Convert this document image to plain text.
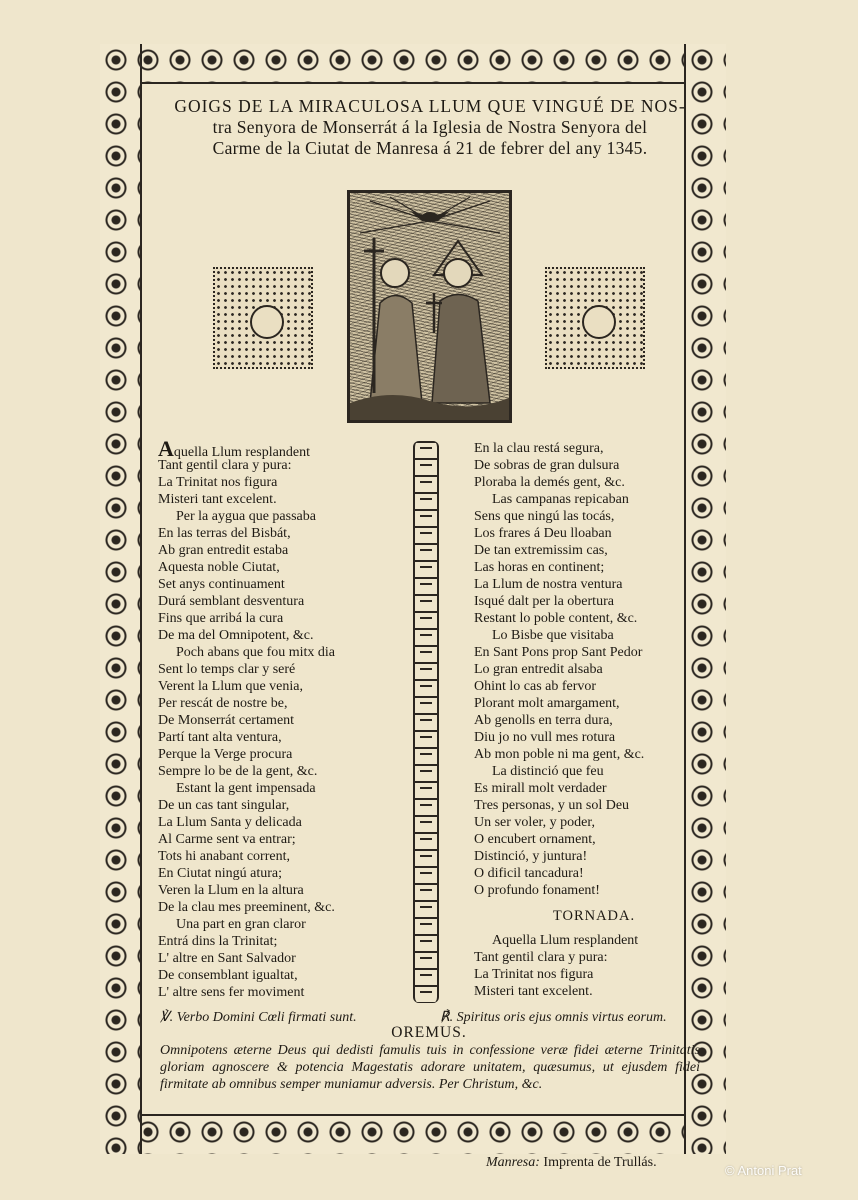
GOIGS DE LA MIRACULOSA LLUM QUE VINGUÉ DE NOS-
tra Senyora de Monserrát á la Iglesia de Nostra Senyora del
Carme de la Ciutat de Manresa á 21 de febrer del any 1345.
Aquella Llum resplandent
Tant gentil clara y pura:
La Trinitat nos figura
Misteri tant excelent.
Per la aygua que passaba
En las terras del Bisbát,
Ab gran entredit estaba
Aquesta noble Ciutat,
Set anys continuament
Durá semblant desventura
Fins que arribá la cura
De ma del Omnipotent, &c.
Poch abans que fou mitx dia
Sent lo temps clar y seré
Verent la Llum que venia,
Per rescát de nostre be,
De Monserrát certament
Partí tant alta ventura,
Perque la Verge procura
Sempre lo be de la gent, &c.
Estant la gent impensada
De un cas tant singular,
La Llum Santa y delicada
Al Carme sent va entrar;
Tots hi anabant corrent,
En Ciutat ningú atura;
Veren la Llum en la altura
De la clau mes preeminent, &c.
Una part en gran claror
Entrá dins la Trinitat;
L' altre en Sant Salvador
De consemblant igualtat,
L' altre sens fer moviment
En la clau restá segura,
De sobras de gran dulsura
Ploraba la demés gent, &c.
Las campanas repicaban
Sens que ningú las tocás,
Los frares á Deu lloaban
De tan extremissim cas,
Las horas en continent;
La Llum de nostra ventura
Isqué dalt per la obertura
Restant lo poble content, &c.
Lo Bisbe que visitaba
En Sant Pons prop Sant Pedor
Lo gran entredit alsaba
Ohint lo cas ab fervor
Plorant molt amargament,
Ab genolls en terra dura,
Diu jo no vull mes rotura
Ab mon poble ni ma gent, &c.
La distinció que feu
Es mirall molt verdader
Tres personas, y un sol Deu
Un ser voler, y poder,
O encubert ornament,
Distinció, y juntura!
O dificil tancadura!
O profundo fonament!
TORNADA.
Aquella Llum resplandent
Tant gentil clara y pura:
La Trinitat nos figura
Misteri tant excelent.
℣. Verbo Domini Cœli firmati sunt.	℟. Spiritus oris ejus omnis virtus eorum.
OREMUS.
Omnipotens æterne Deus qui dedisti famulis tuis in confessione veræ fidei æterne Trinitatis gloriam agnoscere & potencia Magestatis adorare unitatem, quæsumus, ut ejusdem fidei firmitate ab omnibus semper muniamur adversis. Per Christum, &c.
Manresa: Imprenta de Trullás.
© Antoni Prat
